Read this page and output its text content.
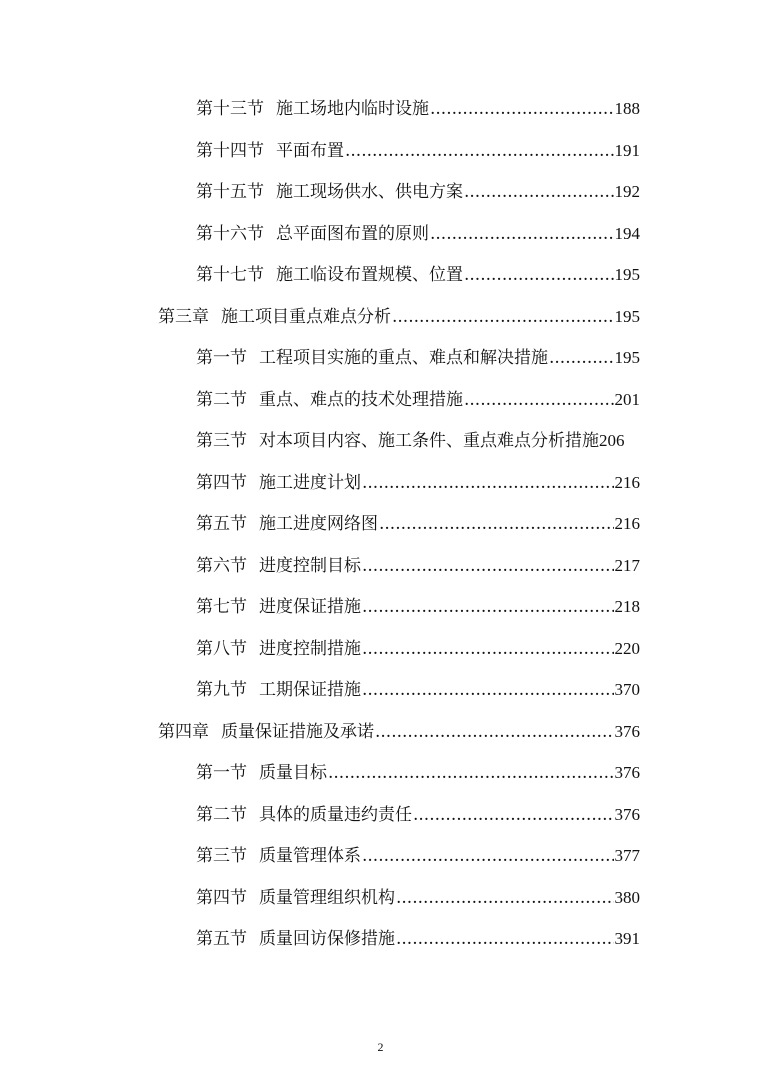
第十三节 施工场地内临时设施 .....	188
第十四节 平面布置 .....	191
第十五节 施工现场供水、供电方案 .....	192
第十六节 总平面图布置的原则 .....	194
第十七节 施工临设布置规模、位置 .....	195
第三章 施工项目重点难点分析 .....	195
第一节 工程项目实施的重点、难点和解决措施 .....	195
第二节 重点、难点的技术处理措施 .....	201
第三节 对本项目内容、施工条件、重点难点分析措施 206
第四节 施工进度计划 .....	216
第五节 施工进度网络图 .....	216
第六节 进度控制目标 .....	217
第七节 进度保证措施 .....	218
第八节 进度控制措施 .....	220
第九节 工期保证措施 .....	370
第四章 质量保证措施及承诺 .....	376
第一节 质量目标 .....	376
第二节 具体的质量违约责任 .....	376
第三节 质量管理体系 .....	377
第四节 质量管理组织机构 .....	380
第五节 质量回访保修措施 .....	391
2
